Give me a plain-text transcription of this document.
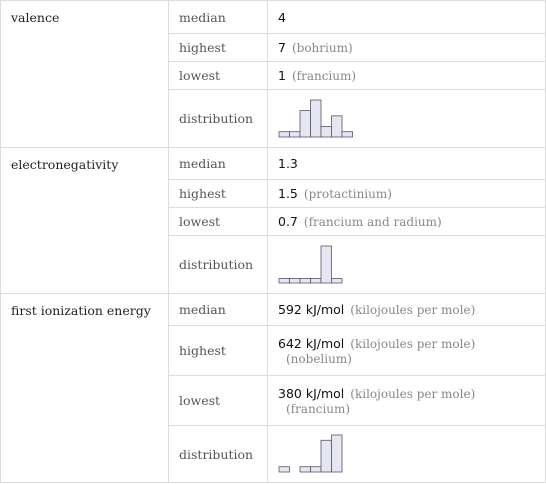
valence	median	4
	highest	7 (bohrium)
	lowest	1 (francium)
	distribution	

electronegativity	median	1.3
	highest	1.5 (protactinium)
	lowest	0.7 (francium and radium)
	distribution	

first ionization energy	median	592 kJ/mol (kilojoules per mole)
	highest	642 kJ/mol (kilojoules per mole)
(nobelium)

	lowest	380 kJ/mol (kilojoules per mole)
(francium)

	distribution	
